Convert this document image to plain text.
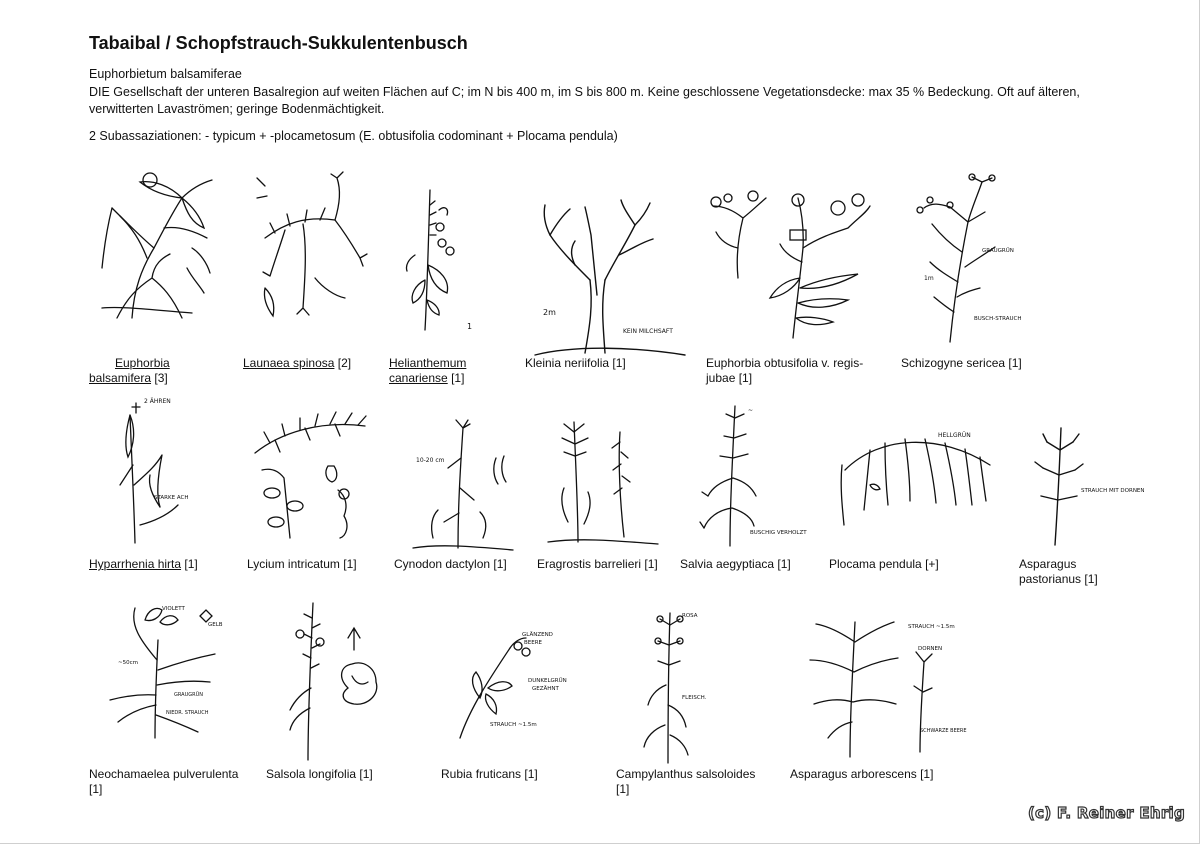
Tabaibal / Schopfstrauch-Sukkulentenbusch
Euphorbietum balsamiferae
DIE Gesellschaft der unteren Basalregion auf weiten Flächen auf C; im N bis 400 m, im S bis 800 m. Keine geschlossene Vegetationsdecke: max 35 % Bedeckung. Oft auf älteren, verwitterten Lavaströmen; geringe Bodenmächtigkeit.
2 Subassaziationen: - typicum + -plocametosum (E. obtusifolia codominant + Plocama pendula)
1
2m
KEIN MILCHSAFT
GRAUGRÜN
1m
BUSCH-STRAUCH
Euphorbia balsamifera [3]
Launaea spinosa [2]	Helianthemum canariense [1]
Kleinia neriifolia [1]	Euphorbia obtusifolia v. regis-jubae [1]
Schizogyne sericea [1]
2 ÄHREN
STARKE ACH
10-20 cm
~
BUSCHIG VERHOLZT
HELLGRÜN
STRAUCH MIT DORNEN
Hyparrhenia hirta [1]	Lycium intricatum [1]	Cynodon dactylon [1]	Eragrostis barrelieri [1]	Salvia aegyptiaca [1]	Plocama pendula [+]	Asparagus pastorianus [1]
VIOLETT
GELB
~50cm
GRAUGRÜN
NIEDR. STRAUCH
GLÄNZEND
BEERE
DUNKELGRÜN
GEZÄHNT
STRAUCH ~1.5m
ROSA
FLEISCH.
STRAUCH ~1.5m
DORNEN
SCHWARZE BEERE
Neochamaelea pulverulenta [1]
Salsola longifolia [1]	Rubia fruticans [1]	Campylanthus salsoloides [1]
Asparagus arborescens [1]
(c) F. Reiner Ehrig
